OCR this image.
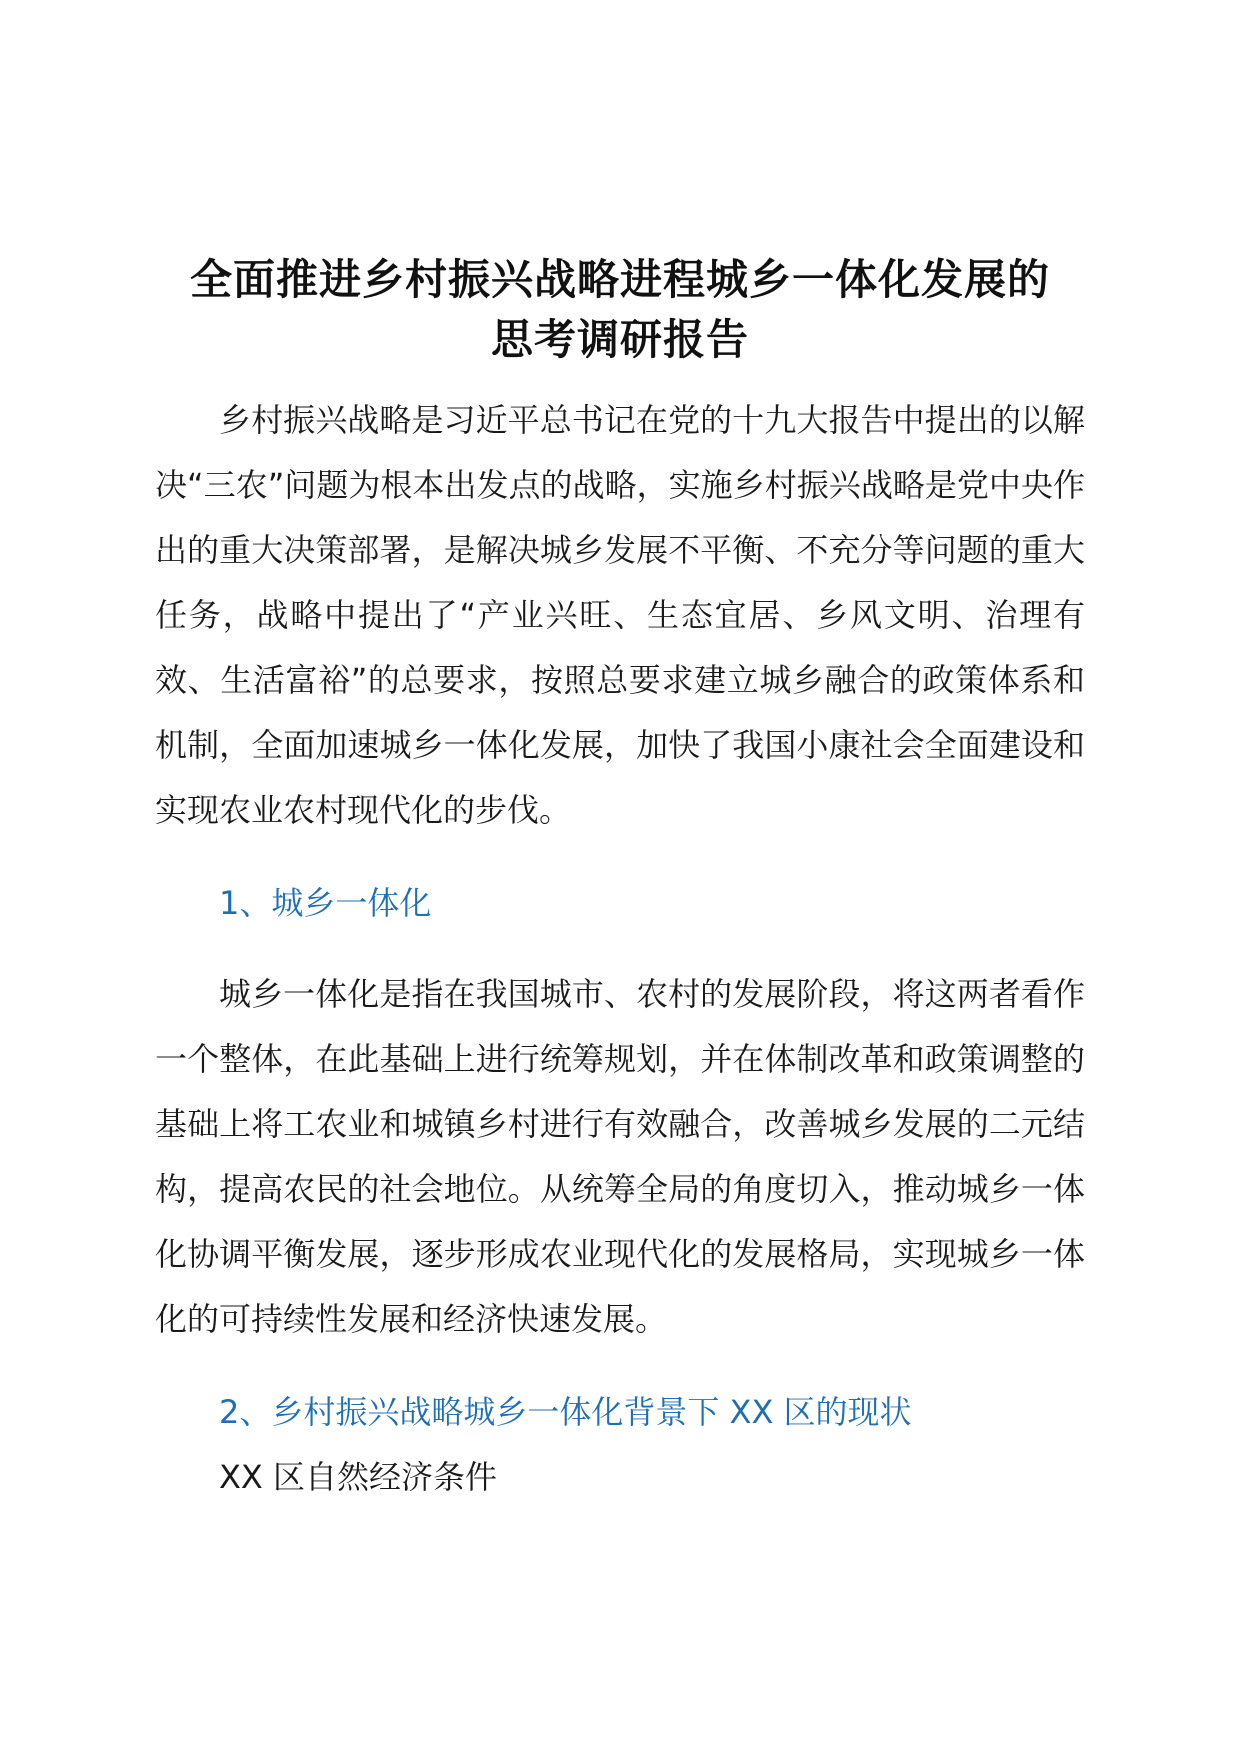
全面推进乡村振兴战略进程城乡一体化发展的
思考调研报告

乡村振兴战略是习近平总书记在党的十九大报告中提出的以解决“三农”问题为根本出发点的战略，实施乡村振兴战略是党中央作出的重大决策部署，是解决城乡发展不平衡、不充分等问题的重大任务，战略中提出了“产业兴旺、生态宜居、乡风文明、治理有效、生活富裕”的总要求，按照总要求建立城乡融合的政策体系和机制，全面加速城乡一体化发展，加快了我国小康社会全面建设和实现农业农村现代化的步伐。

1、城乡一体化

城乡一体化是指在我国城市、农村的发展阶段，将这两者看作一个整体，在此基础上进行统筹规划，并在体制改革和政策调整的基础上将工农业和城镇乡村进行有效融合，改善城乡发展的二元结构，提高农民的社会地位。从统筹全局的角度切入，推动城乡一体化协调平衡发展，逐步形成农业现代化的发展格局，实现城乡一体化的可持续性发展和经济快速发展。

2、乡村振兴战略城乡一体化背景下 XX 区的现状

XX 区自然经济条件
